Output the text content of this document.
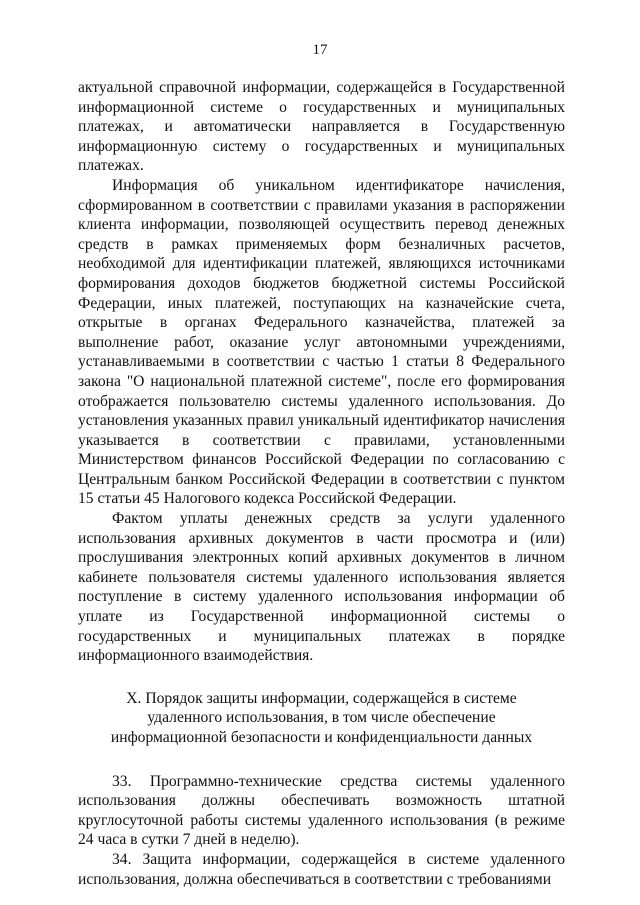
17

актуальной справочной информации, содержащейся в Государственной информационной системе о государственных и муниципальных платежах, и автоматически направляется в Государственную информационную систему о государственных и муниципальных платежах.

Информация об уникальном идентификаторе начисления, сформированном в соответствии с правилами указания в распоряжении клиента информации, позволяющей осуществить перевод денежных средств в рамках применяемых форм безналичных расчетов, необходимой для идентификации платежей, являющихся источниками формирования доходов бюджетов бюджетной системы Российской Федерации, иных платежей, поступающих на казначейские счета, открытые в органах Федерального казначейства, платежей за выполнение работ, оказание услуг автономными учреждениями, устанавливаемыми в соответствии с частью 1 статьи 8 Федерального закона "О национальной платежной системе", после его формирования отображается пользователю системы удаленного использования. До установления указанных правил уникальный идентификатор начисления указывается в соответствии с правилами, установленными Министерством финансов Российской Федерации по согласованию с Центральным банком Российской Федерации в соответствии с пунктом 15 статьи 45 Налогового кодекса Российской Федерации.

Фактом уплаты денежных средств за услуги удаленного использования архивных документов в части просмотра и (или) прослушивания электронных копий архивных документов в личном кабинете пользователя системы удаленного использования является поступление в систему удаленного использования информации об уплате из Государственной информационной системы о государственных и муниципальных платежах в порядке информационного взаимодействия.

X. Порядок защиты информации, содержащейся в системе
удаленного использования, в том числе обеспечение
информационной безопасности и конфиденциальности данных

33. Программно-технические средства системы удаленного использования должны обеспечивать возможность штатной круглосуточной работы системы удаленного использования (в режиме 24 часа в сутки 7 дней в неделю).

34. Защита информации, содержащейся в системе удаленного использования, должна обеспечиваться в соответствии с требованиями
